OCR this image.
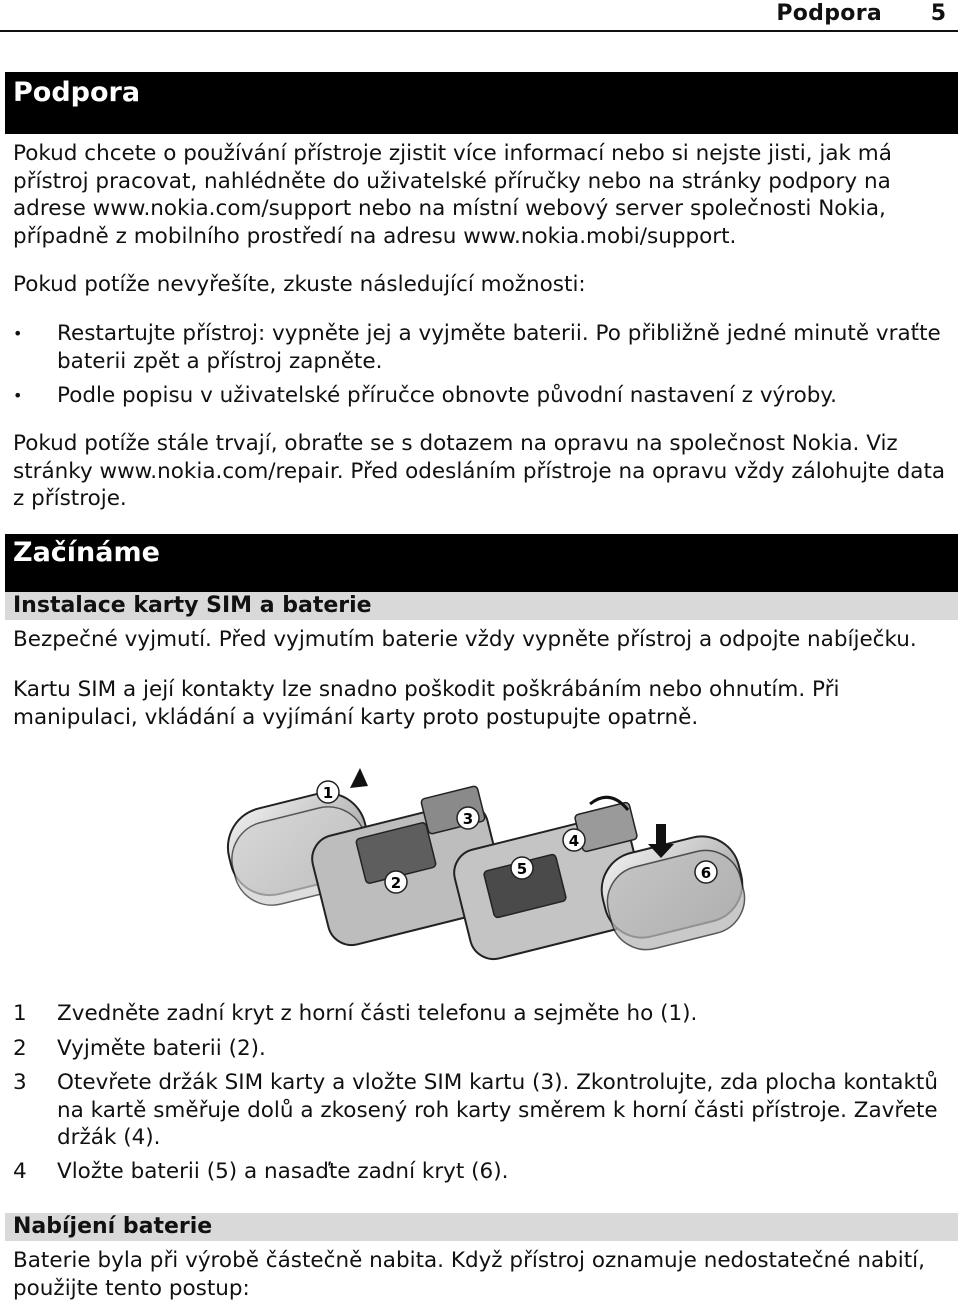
Podpora 5
Podpora

Pokud chcete o používání přístroje zjistit více informací nebo si nejste jisti, jak má přístroj pracovat, nahlédněte do uživatelské příručky nebo na stránky podpory na adrese www.nokia.com/support nebo na místní webový server společnosti Nokia, případně z mobilního prostředí na adresu www.nokia.mobi/support.

Pokud potíže nevyřešíte, zkuste následující možnosti:

• Restartujte přístroj: vypněte jej a vyjměte baterii. Po přibližně jedné minutě vraťte baterii zpět a přístroj zapněte.
• Podle popisu v uživatelské příručce obnovte původní nastavení z výroby.

Pokud potíže stále trvají, obraťte se s dotazem na opravu na společnost Nokia. Viz stránky www.nokia.com/repair. Před odesláním přístroje na opravu vždy zálohujte data z přístroje.

Začínáme
Instalace karty SIM a baterie

Bezpečné vyjmutí. Před vyjmutím baterie vždy vypněte přístroj a odpojte nabíječku.

Kartu SIM a její kontakty lze snadno poškodit poškrábáním nebo ohnutím. Při manipulaci, vkládání a vyjímání karty proto postupujte opatrně.

1
2
3
4
5	6
1 Zvedněte zadní kryt z horní části telefonu a sejměte ho (1).
2 Vyjměte baterii (2).
3 Otevřete držák SIM karty a vložte SIM kartu (3). Zkontrolujte, zda plocha kontaktů na kartě směřuje dolů a zkosený roh karty směrem k horní části přístroje. Zavřete držák (4).
4 Vložte baterii (5) a nasaďte zadní kryt (6).
Nabíjení baterie

Baterie byla při výrobě částečně nabita. Když přístroj oznamuje nedostatečné nabití, použijte tento postup:
